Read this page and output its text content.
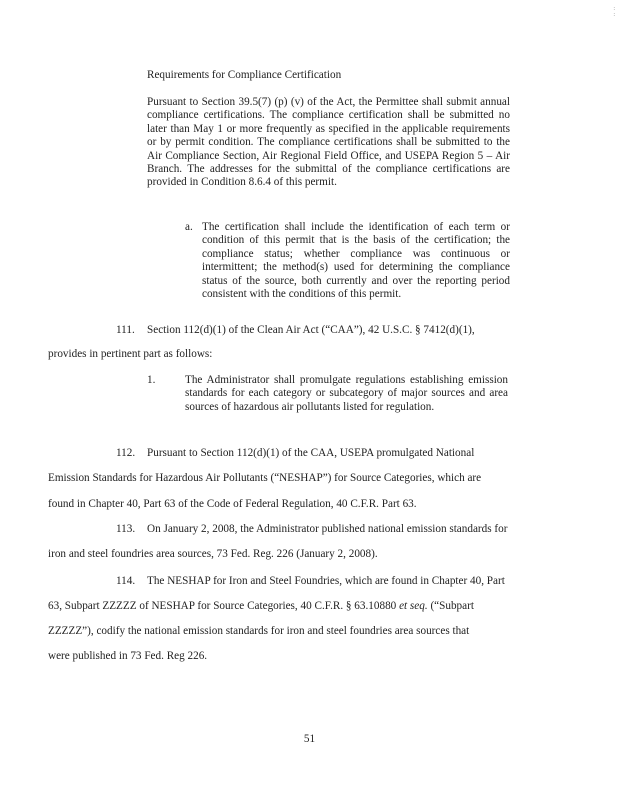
:
:
Requirements for Compliance Certification
Pursuant to Section 39.5(7) (p) (v) of the Act, the Permittee shall submit annual compliance certifications. The compliance certification shall be submitted no later than May 1 or more frequently as specified in the applicable requirements or by permit condition. The compliance certifications shall be submitted to the Air Compliance Section, Air Regional Field Office, and USEPA Region 5 – Air Branch. The addresses for the submittal of the compliance certifications are provided in Condition 8.6.4 of this permit.
a. The certification shall include the identification of each term or condition of this permit that is the basis of the certification; the compliance status; whether compliance was continuous or intermittent; the method(s) used for determining the compliance status of the source, both currently and over the reporting period consistent with the conditions of this permit.
111. Section 112(d)(1) of the Clean Air Act (“CAA”), 42 U.S.C. § 7412(d)(1),
provides in pertinent part as follows:
1.	The Administrator shall promulgate regulations establishing emission standards for each category or subcategory of major sources and area sources of hazardous air pollutants listed for regulation.
112. Pursuant to Section 112(d)(1) of the CAA, USEPA promulgated National
Emission Standards for Hazardous Air Pollutants (“NESHAP”) for Source Categories, which are
found in Chapter 40, Part 63 of the Code of Federal Regulation, 40 C.F.R. Part 63.
113. On January 2, 2008, the Administrator published national emission standards for
iron and steel foundries area sources, 73 Fed. Reg. 226 (January 2, 2008).
114. The NESHAP for Iron and Steel Foundries, which are found in Chapter 40, Part
63, Subpart ZZZZZ of NESHAP for Source Categories, 40 C.F.R. § 63.10880 et seq. (“Subpart
ZZZZZ”), codify the national emission standards for iron and steel foundries area sources that
were published in 73 Fed. Reg 226.
51
